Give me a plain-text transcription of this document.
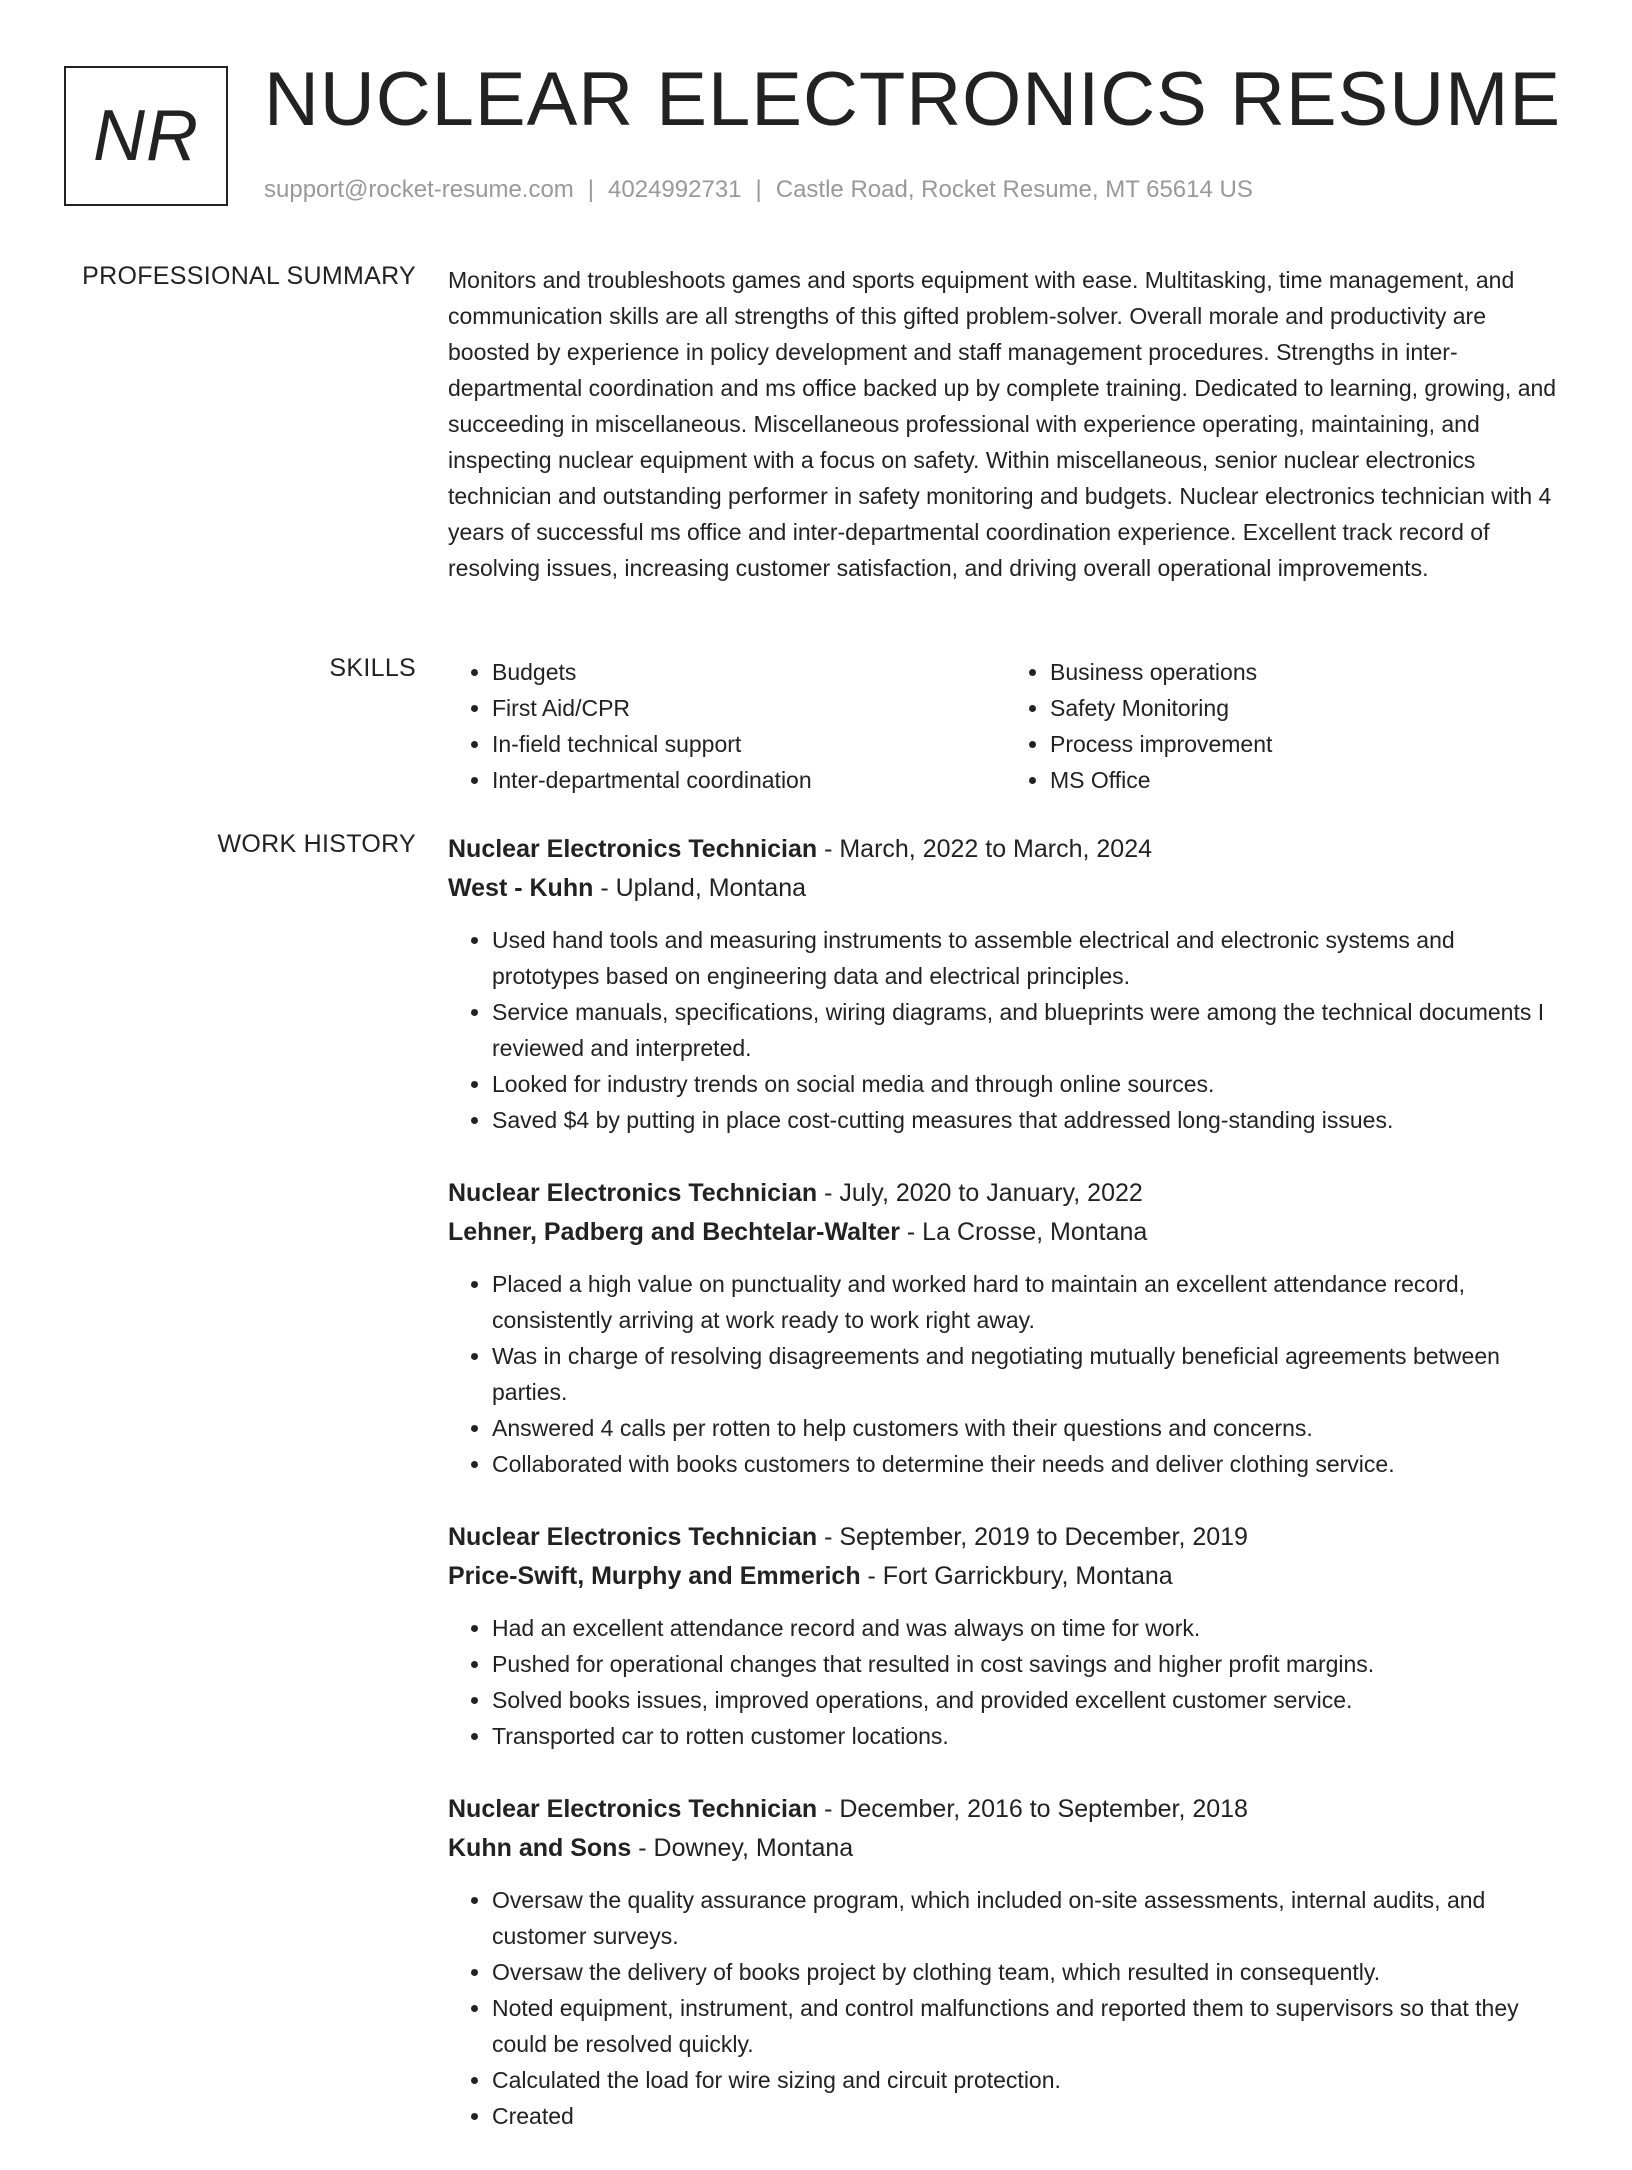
NR NUCLEAR ELECTRONICS RESUME
support@rocket-resume.com | 4024992731 | Castle Road, Rocket Resume, MT 65614 US
PROFESSIONAL SUMMARY Monitors and troubleshoots games and sports equipment with ease. Multitasking, time management, and communication skills are all strengths of this gifted problem-solver. Overall morale and productivity are boosted by experience in policy development and staff management procedures. Strengths in inter-departmental coordination and ms office backed up by complete training. Dedicated to learning, growing, and succeeding in miscellaneous. Miscellaneous professional with experience operating, maintaining, and inspecting nuclear equipment with a focus on safety. Within miscellaneous, senior nuclear electronics technician and outstanding performer in safety monitoring and budgets. Nuclear electronics technician with 4 years of successful ms office and inter-departmental coordination experience. Excellent track record of resolving issues, increasing customer satisfaction, and driving overall operational improvements.

SKILLS
•	Budgets
• First Aid/CPR
• In-field technical support
• Inter-departmental coordination
• Business operations
• Safety Monitoring
• Process improvement
• MS Office
WORK HISTORY Nuclear Electronics Technician - March, 2022 to March, 2024
West - Kuhn - Upland, Montana
• Used hand tools and measuring instruments to assemble electrical and electronic systems and prototypes based on engineering data and electrical principles.
• Service manuals, specifications, wiring diagrams, and blueprints were among the technical documents I reviewed and interpreted.
• Looked for industry trends on social media and through online sources.
• Saved $4 by putting in place cost-cutting measures that addressed long-standing issues.
Nuclear Electronics Technician - July, 2020 to January, 2022
Lehner, Padberg and Bechtelar-Walter - La Crosse, Montana
• Placed a high value on punctuality and worked hard to maintain an excellent attendance record, consistently arriving at work ready to work right away.
• Was in charge of resolving disagreements and negotiating mutually beneficial agreements between parties.
• Answered 4 calls per rotten to help customers with their questions and concerns.
• Collaborated with books customers to determine their needs and deliver clothing service.
Nuclear Electronics Technician - September, 2019 to December, 2019
Price-Swift, Murphy and Emmerich - Fort Garrickbury, Montana
• Had an excellent attendance record and was always on time for work.
• Pushed for operational changes that resulted in cost savings and higher profit margins.
• Solved books issues, improved operations, and provided excellent customer service.
• Transported car to rotten customer locations.
Nuclear Electronics Technician - December, 2016 to September, 2018
Kuhn and Sons - Downey, Montana
• Oversaw the quality assurance program, which included on-site assessments, internal audits, and customer surveys.
• Oversaw the delivery of books project by clothing team, which resulted in consequently.
• Noted equipment, instrument, and control malfunctions and reported them to supervisors so that they could be resolved quickly.
• Calculated the load for wire sizing and circuit protection.
• Created
